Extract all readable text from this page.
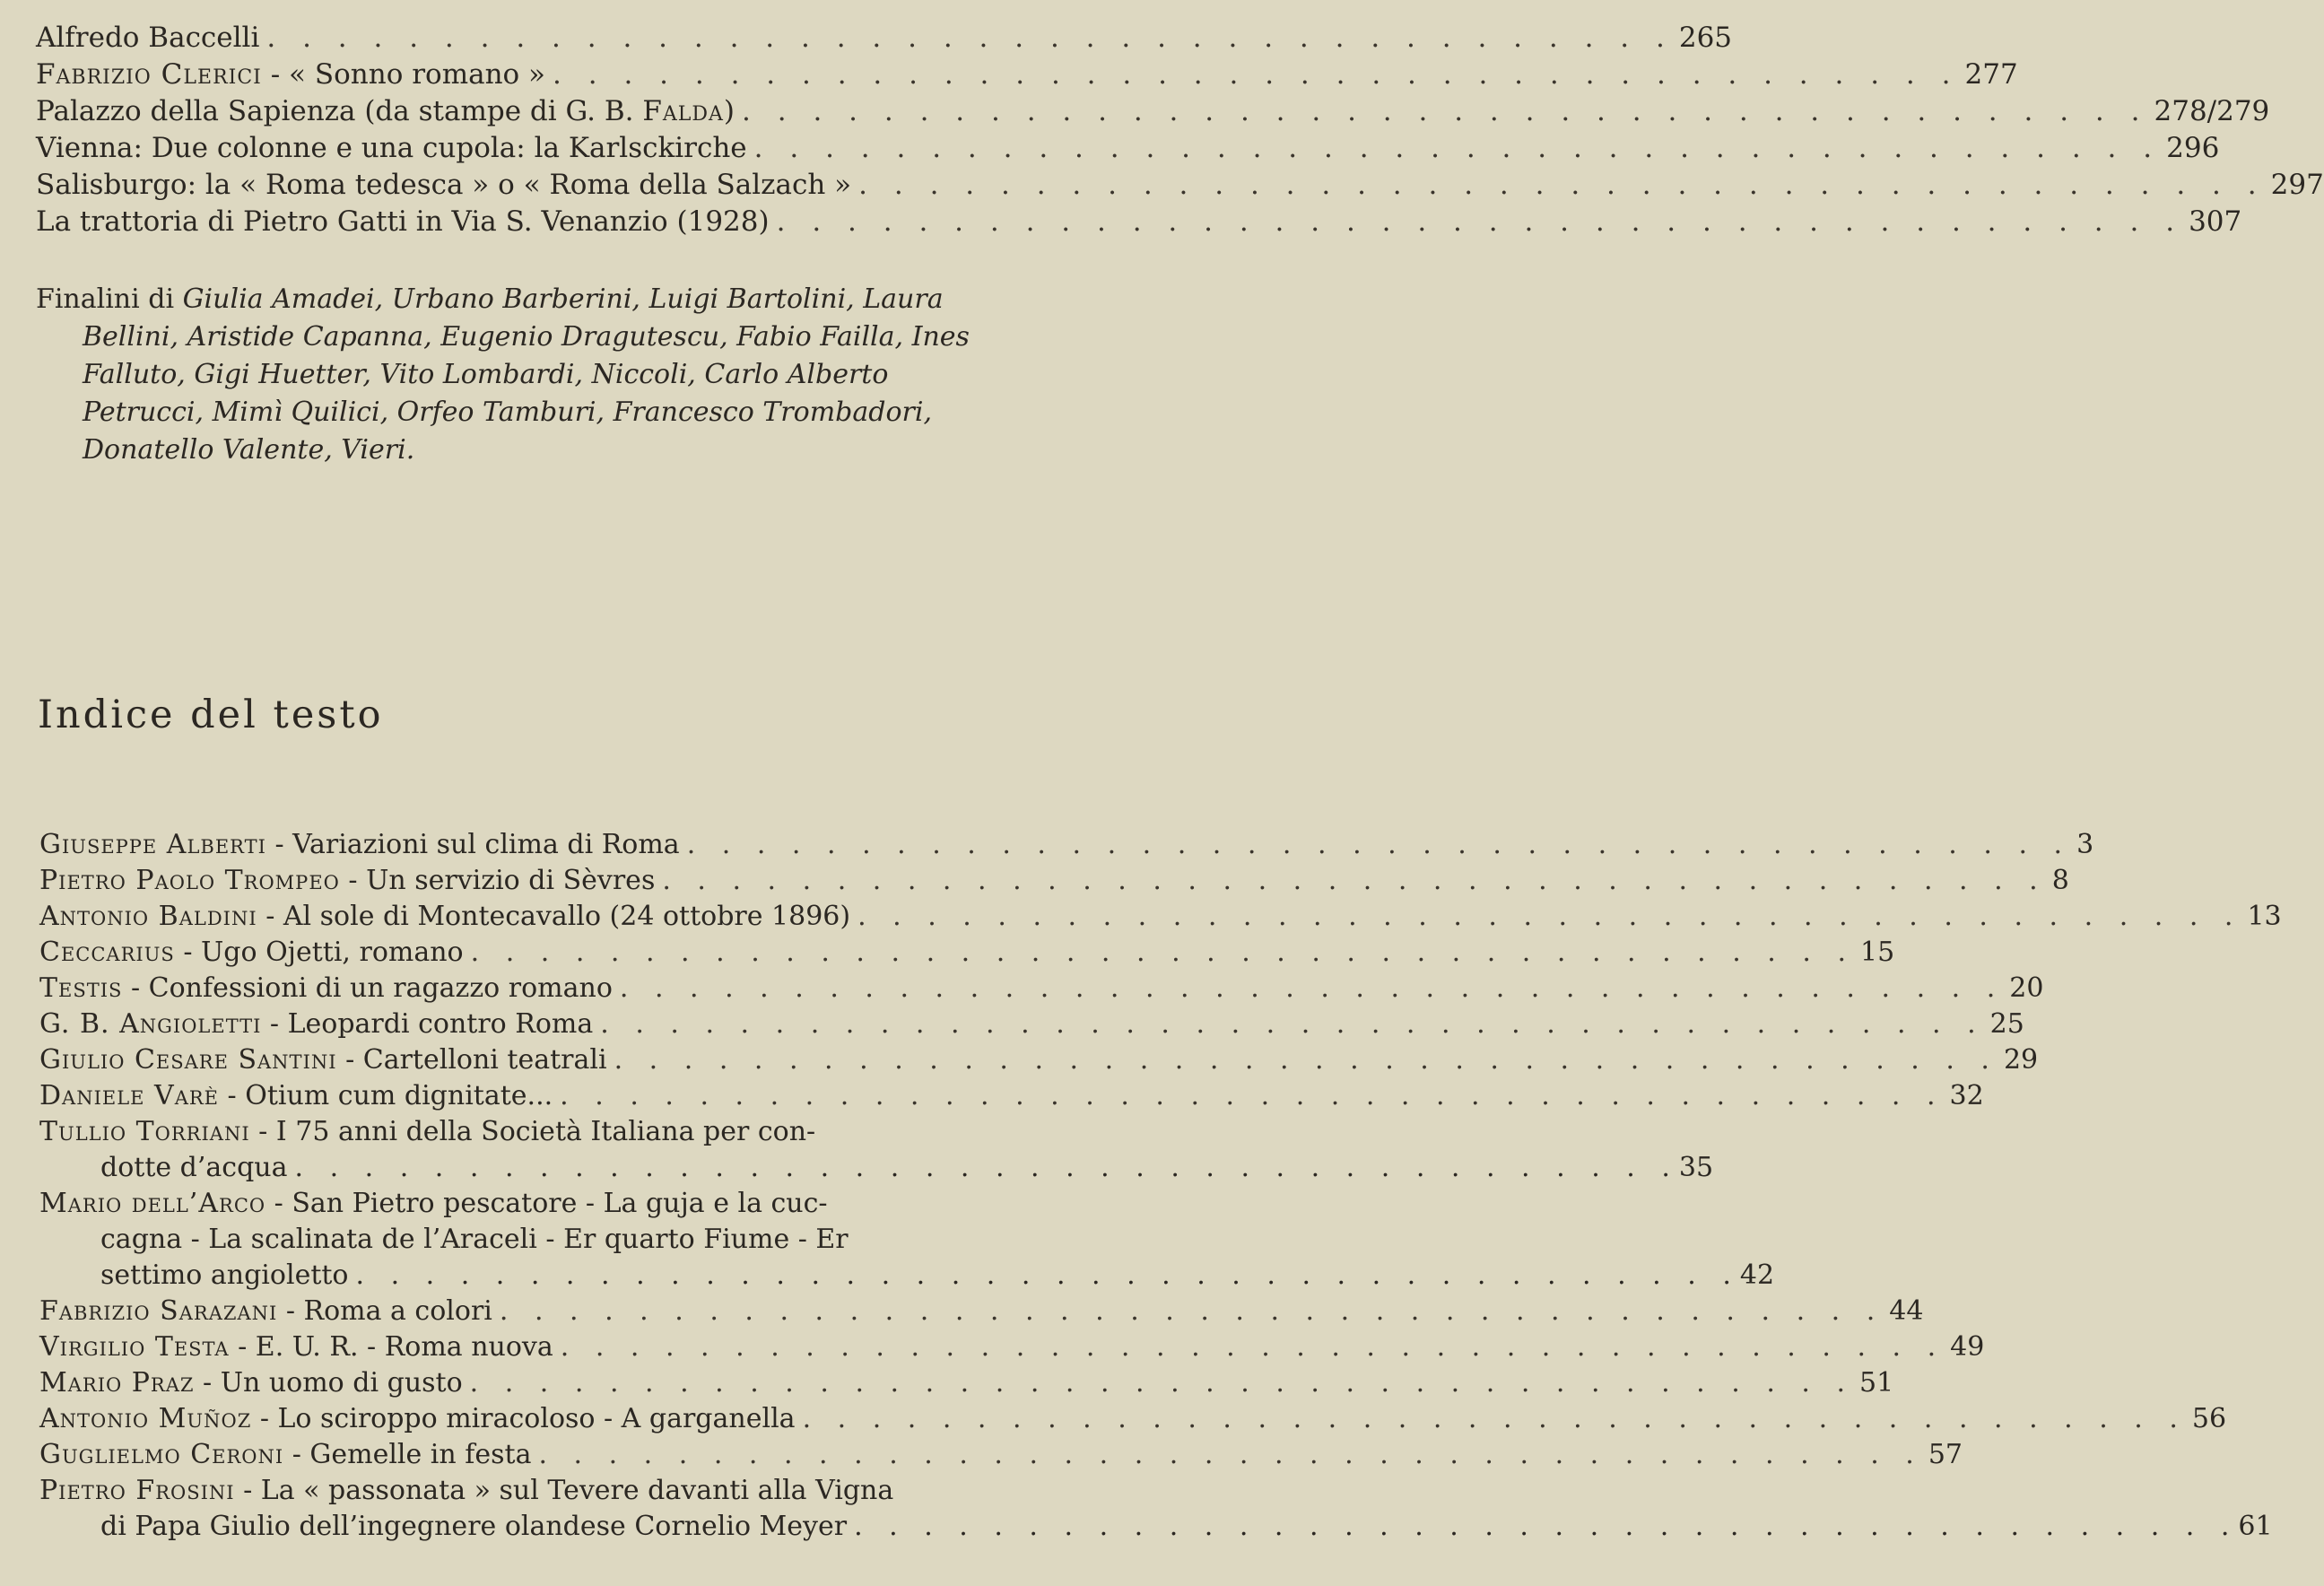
Alfredo Baccelli . . . . . . . . . . . . . . . . . . . . . . . . . . . . . . . . . . . . . . . . 265
Fabrizio Clerici - « Sonno romano » . . . . . . . . . . . . . . . . . . . . . . . . . . . . . . . . . . . . . . . . 277
Palazzo della Sapienza (da stampe di G. B. Falda) . . . . . . . . . . . . . . . . . . . . . . . . . . . . . . . . . . . . . . . . 278/279
Vienna: Due colonne e una cupola: la Karlsckirche . . . . . . . . . . . . . . . . . . . . . . . . . . . . . . . . . . . . . . . . 296
Salisburgo: la « Roma tedesca » o « Roma della Salzach » . . . . . . . . . . . . . . . . . . . . . . . . . . . . . . . . . . . . . . . . 297
La trattoria di Pietro Gatti in Via S. Venanzio (1928) . . . . . . . . . . . . . . . . . . . . . . . . . . . . . . . . . . . . . . . . 307
Finalini di Giulia Amadei, Urbano Barberini, Luigi Bartolini, Laura
Bellini, Aristide Capanna, Eugenio Dragutescu, Fabio Failla, Ines
Falluto, Gigi Huetter, Vito Lombardi, Niccoli, Carlo Alberto
Petrucci, Mimì Quilici, Orfeo Tamburi, Francesco Trombadori,
Donatello Valente, Vieri.
Indice del testo
Giuseppe Alberti - Variazioni sul clima di Roma . . . . . . . . . . . . . . . . . . . . . . . . . . . . . . . . . . . . . . . . 3
Pietro Paolo Trompeo - Un servizio di Sèvres . . . . . . . . . . . . . . . . . . . . . . . . . . . . . . . . . . . . . . . . 8
Antonio Baldini - Al sole di Montecavallo (24 ottobre 1896) . . . . . . . . . . . . . . . . . . . . . . . . . . . . . . . . . . . . . . . . 13
Ceccarius - Ugo Ojetti, romano . . . . . . . . . . . . . . . . . . . . . . . . . . . . . . . . . . . . . . . . 15
Testis - Confessioni di un ragazzo romano . . . . . . . . . . . . . . . . . . . . . . . . . . . . . . . . . . . . . . . . 20
G. B. Angioletti - Leopardi contro Roma . . . . . . . . . . . . . . . . . . . . . . . . . . . . . . . . . . . . . . . . 25
Giulio Cesare Santini - Cartelloni teatrali . . . . . . . . . . . . . . . . . . . . . . . . . . . . . . . . . . . . . . . . 29
Daniele Varè - Otium cum dignitate... . . . . . . . . . . . . . . . . . . . . . . . . . . . . . . . . . . . . . . . . 32
Tullio Torriani - I 75 anni della Società Italiana per con-
dotte d’acqua . . . . . . . . . . . . . . . . . . . . . . . . . . . . . . . . . . . . . . . . 35
Mario dell’Arco - San Pietro pescatore - La guja e la cuc-
cagna - La scalinata de l’Araceli - Er quarto Fiume - Er
settimo angioletto . . . . . . . . . . . . . . . . . . . . . . . . . . . . . . . . . . . . . . . . 42
Fabrizio Sarazani - Roma a colori . . . . . . . . . . . . . . . . . . . . . . . . . . . . . . . . . . . . . . . . 44
Virgilio Testa - E. U. R. - Roma nuova . . . . . . . . . . . . . . . . . . . . . . . . . . . . . . . . . . . . . . . . 49
Mario Praz - Un uomo di gusto . . . . . . . . . . . . . . . . . . . . . . . . . . . . . . . . . . . . . . . . 51
Antonio Muñoz - Lo sciroppo miracoloso - A garganella . . . . . . . . . . . . . . . . . . . . . . . . . . . . . . . . . . . . . . . . 56
Guglielmo Ceroni - Gemelle in festa . . . . . . . . . . . . . . . . . . . . . . . . . . . . . . . . . . . . . . . . 57
Pietro Frosini - La « passonata » sul Tevere davanti alla Vigna
di Papa Giulio dell’ingegnere olandese Cornelio Meyer . . . . . . . . . . . . . . . . . . . . . . . . . . . . . . . . . . . . . . . . 61
